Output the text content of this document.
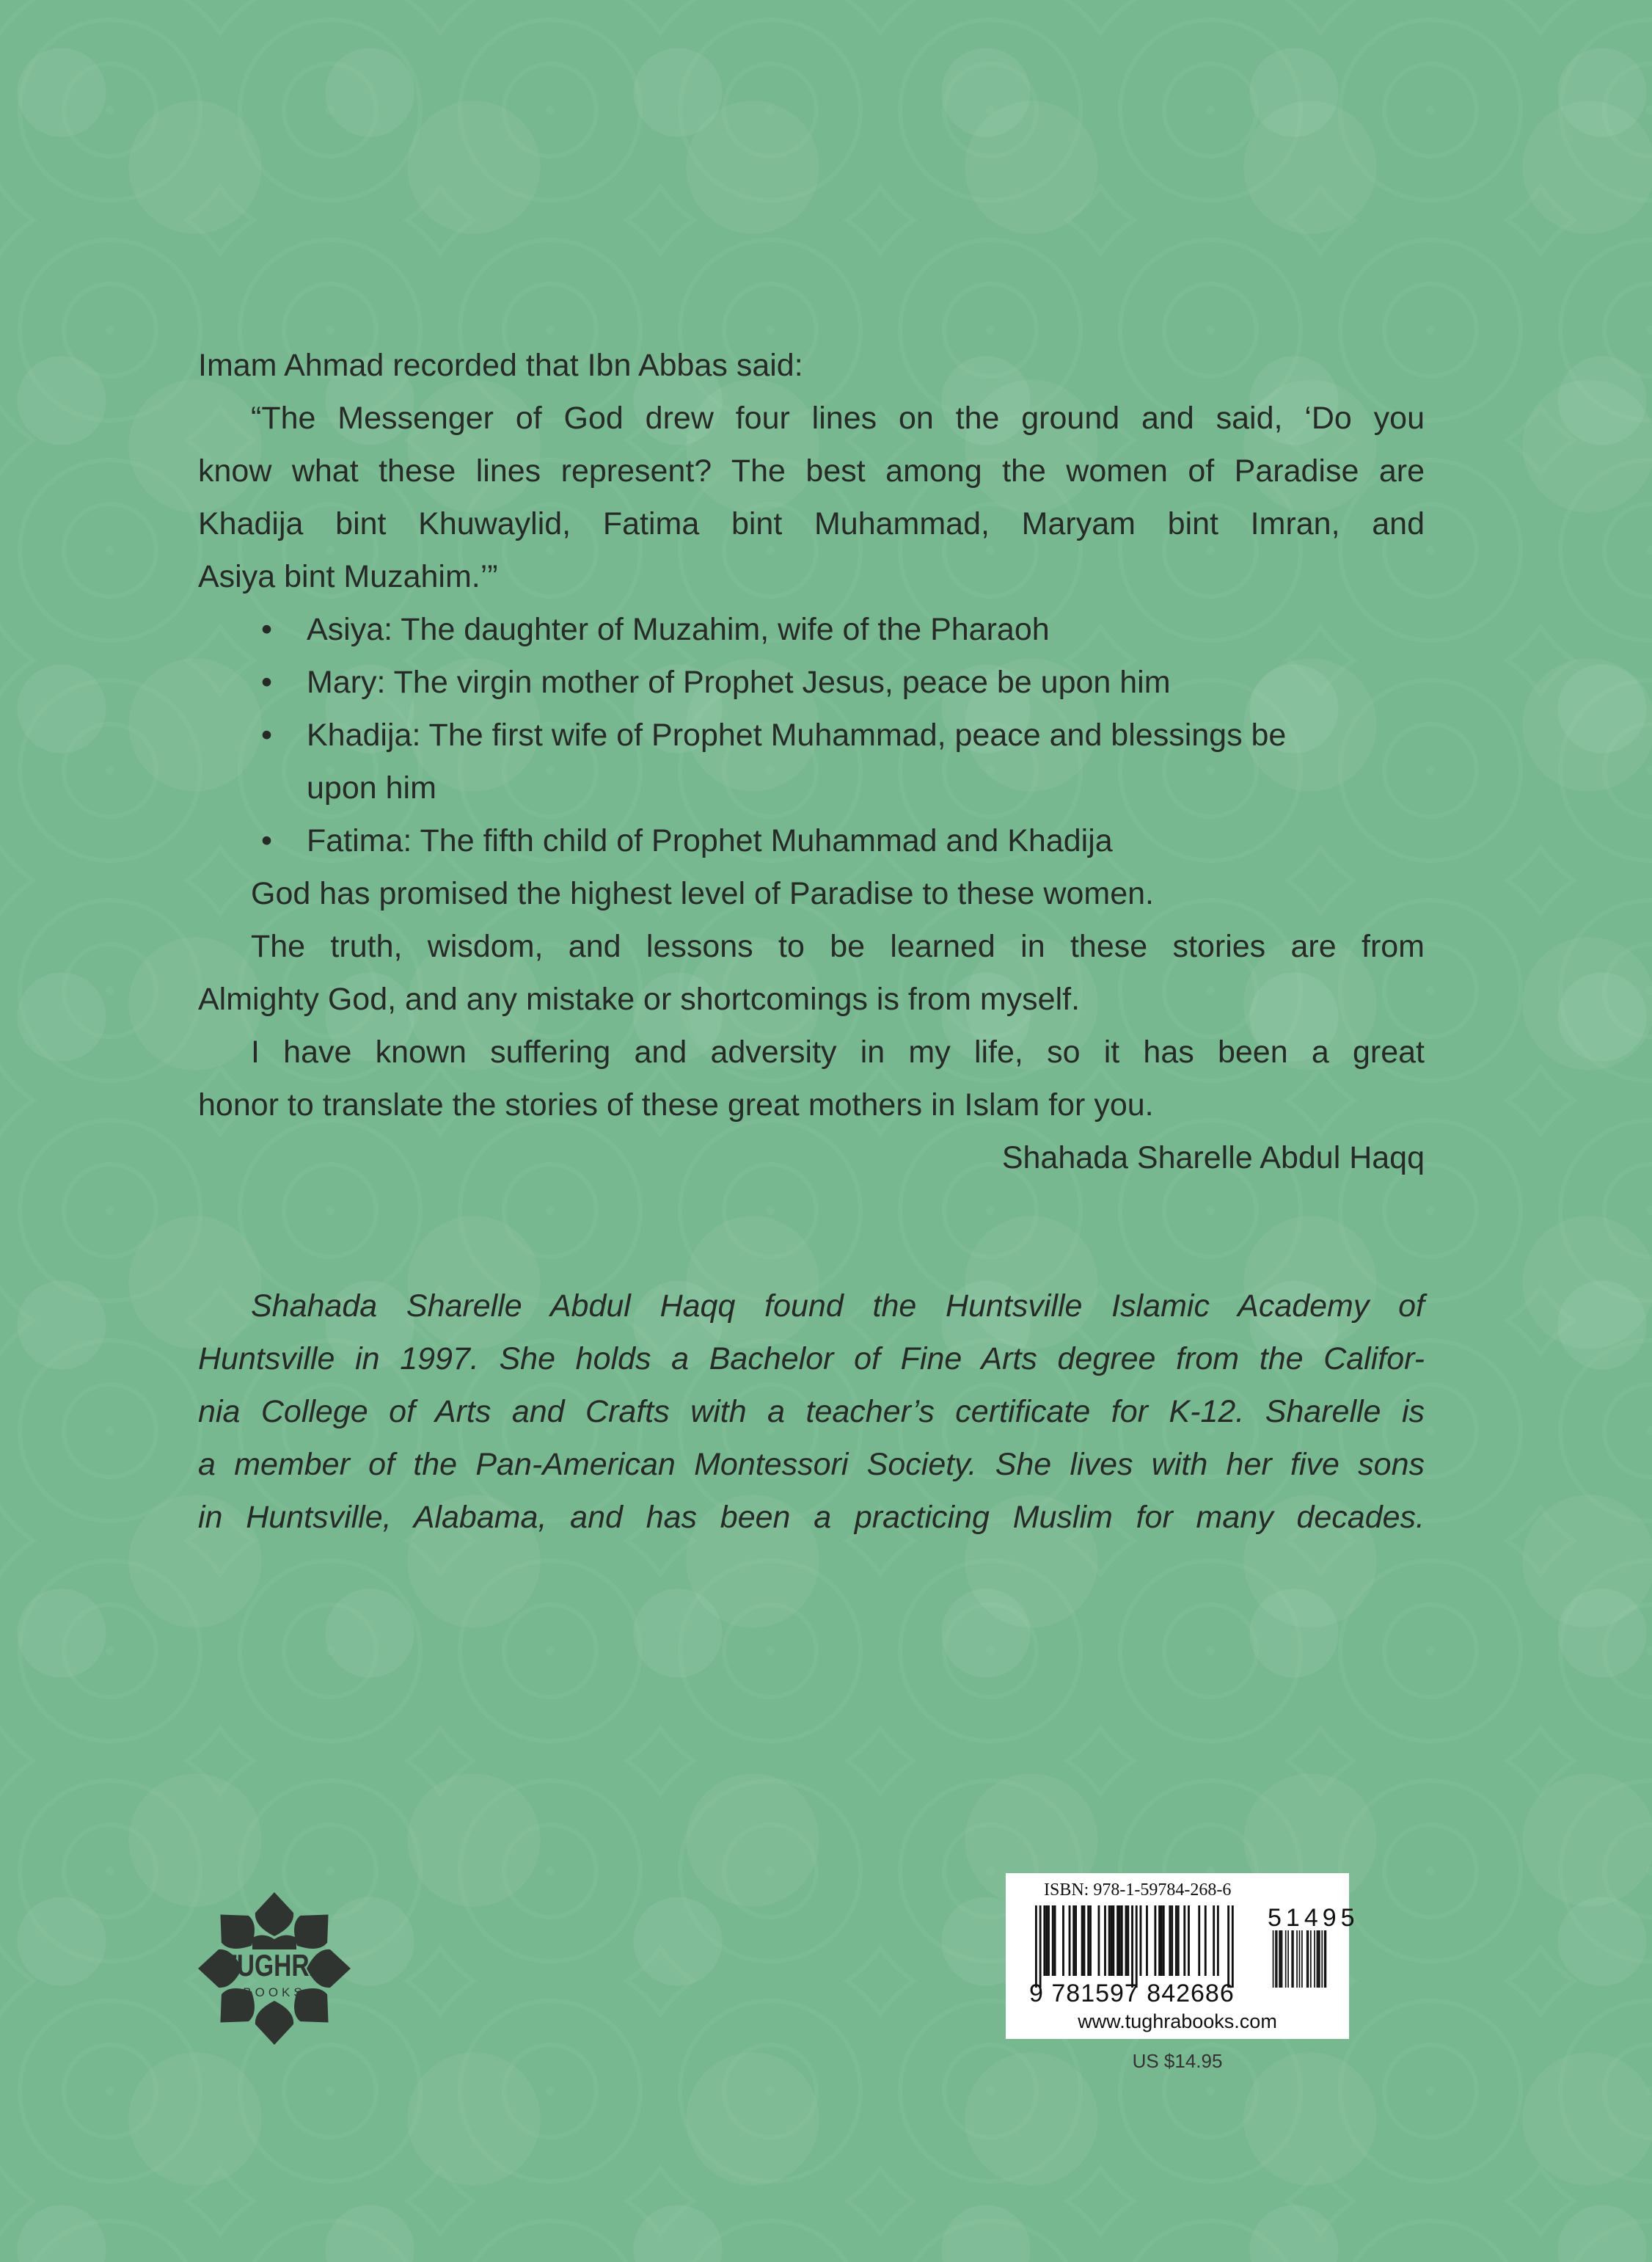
Imam Ahmad recorded that Ibn Abbas said:
“The Messenger of God drew four lines on the ground and said, ‘Do you
know what these lines represent? The best among the women of Paradise are
Khadija bint Khuwaylid, Fatima bint Muhammad, Maryam bint Imran, and
Asiya bint Muzahim.’”
• Asiya: The daughter of Muzahim, wife of the Pharaoh
• Mary: The virgin mother of Prophet Jesus, peace be upon him
• Khadija: The first wife of Prophet Muhammad, peace and blessings be
upon him
• Fatima: The fifth child of Prophet Muhammad and Khadija
God has promised the highest level of Paradise to these women.
The truth, wisdom, and lessons to be learned in these stories are from
Almighty God, and any mistake or shortcomings is from myself.
I have known suffering and adversity in my life, so it has been a great
honor to translate the stories of these great mothers in Islam for you.
Shahada Sharelle Abdul Haqq
Shahada Sharelle Abdul Haqq found the Huntsville Islamic Academy of
Huntsville in 1997. She holds a Bachelor of Fine Arts degree from the Califor-
nia College of Arts and Crafts with a teacher’s certificate for K-12. Sharelle is
a member of the Pan-American Montessori Society. She lives with her five sons
in Huntsville, Alabama, and has been a practicing Muslim for many decades.
TUGHRA
BOOKS
ISBN: 978-1-59784-268-6
9 781597 842686
51495
www.tughrabooks.com
US $14.95
